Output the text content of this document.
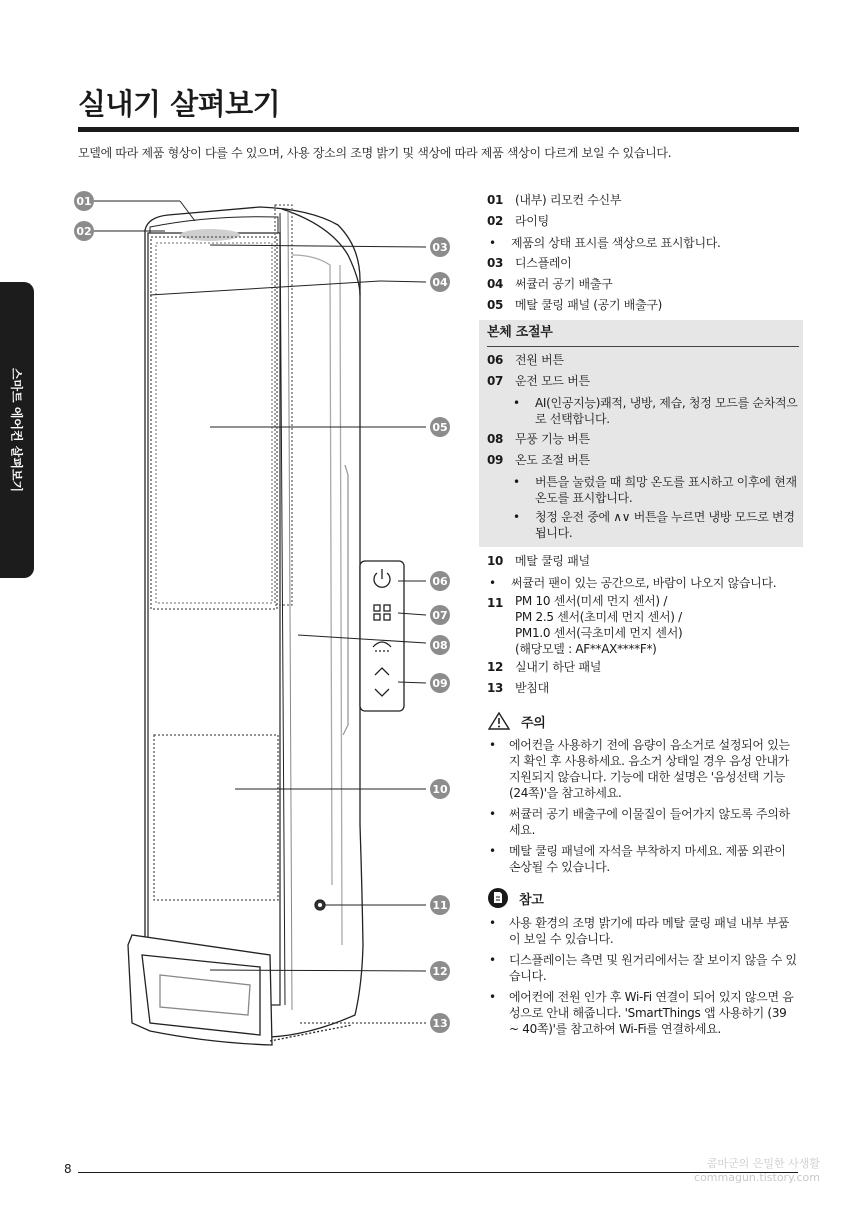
실내기 살펴보기
모델에 따라 제품 형상이 다를 수 있으며, 사용 장소의 조명 밝기 및 색상에 따라 제품 색상이 다르게 보일 수 있습니다.
스마트 에어컨 살펴보기
01
02
03
04
05
06
07
08
09
10
11
12
13
01 (내부) 리모컨 수신부
02 라이팅
•	제품의 상태 표시를 색상으로 표시합니다.
03 디스플레이
04 써큘러 공기 배출구
05 메탈 쿨링 패널 (공기 배출구)
본체 조절부
06 전원 버튼
07 운전 모드 버튼
•	AI(인공지능)쾌적, 냉방, 제습, 청정 모드를 순차적으로 선택합니다.
08 무풍 기능 버튼
09 온도 조절 버튼
•	버튼을 눌렀을 때 희망 온도를 표시하고 이후에 현재 온도를 표시합니다.
•	청정 운전 중에 ∧∨ 버튼을 누르면 냉방 모드로 변경됩니다.
10 메탈 쿨링 패널
•	써큘러 팬이 있는 공간으로, 바람이 나오지 않습니다.
11 PM 10 센서(미세 먼지 센서) /
PM 2.5 센서(초미세 먼지 센서) /
PM1.0 센서(극초미세 먼지 센서)
(해당모델 : AF**AX****F*)
12 실내기 하단 패널
13 받침대
주의
•	에어컨을 사용하기 전에 음량이 음소거로 설정되어 있는지 확인 후 사용하세요. 음소거 상태일 경우 음성 안내가 지원되지 않습니다. 기능에 대한 설명은 '음성선택 기능(24쪽)'을 참고하세요.
•	써큘러 공기 배출구에 이물질이 들어가지 않도록 주의하세요.
•	메탈 쿨링 패널에 자석을 부착하지 마세요. 제품 외관이 손상될 수 있습니다.
참고
•	사용 환경의 조명 밝기에 따라 메탈 쿨링 패널 내부 부품이 보일 수 있습니다.
•	디스플레이는 측면 및 원거리에서는 잘 보이지 않을 수 있습니다.
•	에어컨에 전원 인가 후 Wi-Fi 연결이 되어 있지 않으면 음성으로 안내 해줍니다. 'SmartThings 앱 사용하기 (39 ~ 40쪽)'를 참고하여 Wi-Fi를 연결하세요.
8	콤마군의 은밀한 사생활
commagun.tistory.com
